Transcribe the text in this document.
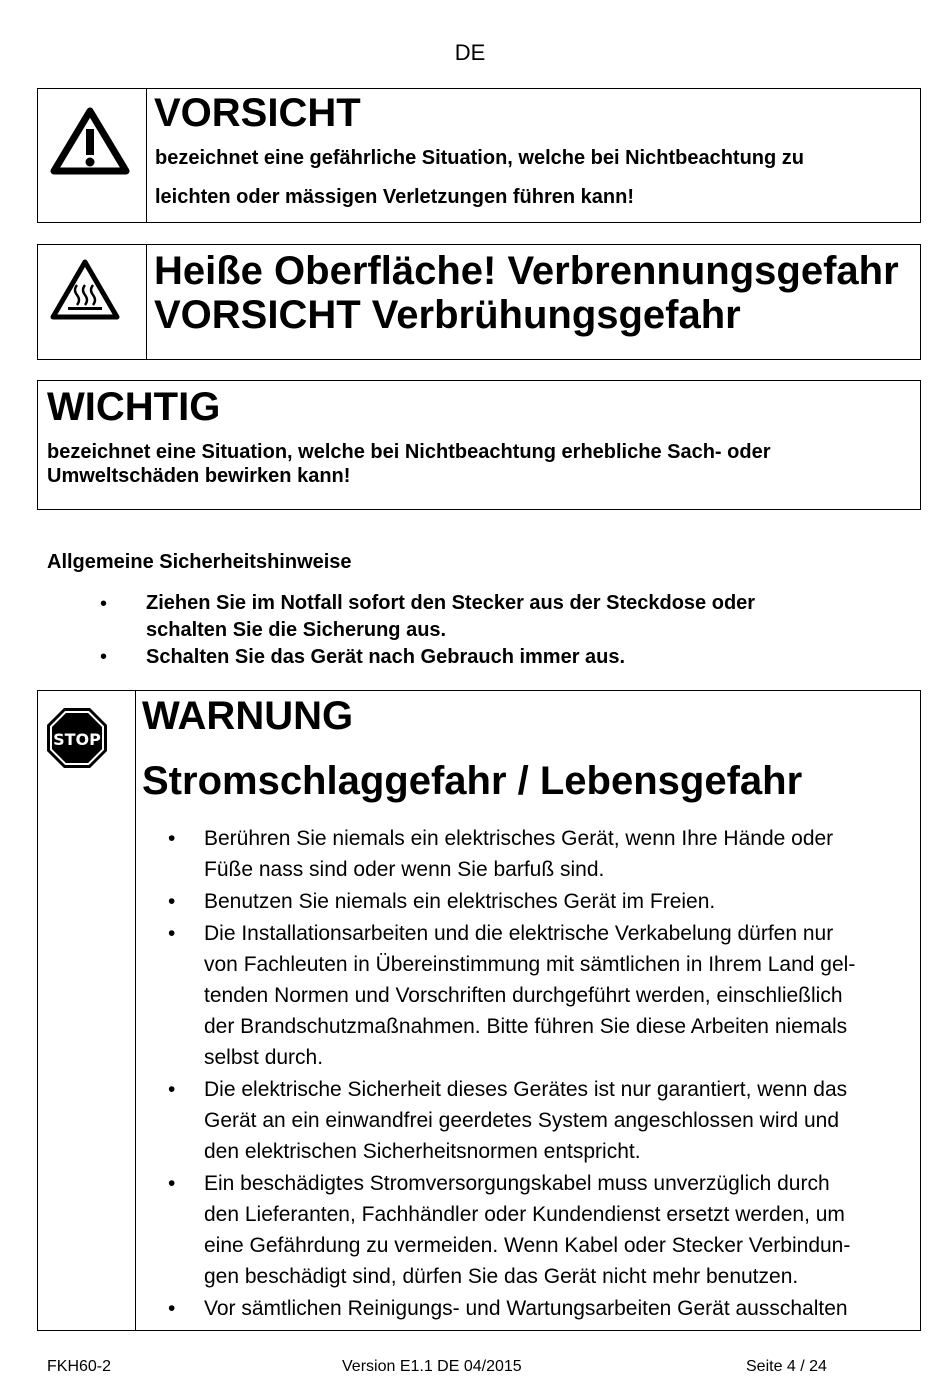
DE
VORSICHT
bezeichnet eine gefährliche Situation, welche bei Nichtbeachtung zu
leichten oder mässigen Verletzungen führen kann!
Heiße Oberfläche! Verbrennungsgefahr
VORSICHT Verbrühungsgefahr
WICHTIG
bezeichnet eine Situation, welche bei Nichtbeachtung erhebliche Sach- oder
Umweltschäden bewirken kann!
Allgemeine Sicherheitshinweise
• Ziehen Sie im Notfall sofort den Stecker aus der Steckdose oder
schalten Sie die Sicherung aus.
• Schalten Sie das Gerät nach Gebrauch immer aus.
STOP
WARNUNG
Stromschlaggefahr / Lebensgefahr
• Berühren Sie niemals ein elektrisches Gerät, wenn Ihre Hände oder
Füße nass sind oder wenn Sie barfuß sind.
• Benutzen Sie niemals ein elektrisches Gerät im Freien.
• Die Installationsarbeiten und die elektrische Verkabelung dürfen nur
von Fachleuten in Übereinstimmung mit sämtlichen in Ihrem Land gel-
tenden Normen und Vorschriften durchgeführt werden, einschließlich
der Brandschutzmaßnahmen. Bitte führen Sie diese Arbeiten niemals
selbst durch.
• Die elektrische Sicherheit dieses Gerätes ist nur garantiert, wenn das
Gerät an ein einwandfrei geerdetes System angeschlossen wird und
den elektrischen Sicherheitsnormen entspricht.
• Ein beschädigtes Stromversorgungskabel muss unverzüglich durch
den Lieferanten, Fachhändler oder Kundendienst ersetzt werden, um
eine Gefährdung zu vermeiden. Wenn Kabel oder Stecker Verbindun-
gen beschädigt sind, dürfen Sie das Gerät nicht mehr benutzen.
• Vor sämtlichen Reinigungs- und Wartungsarbeiten Gerät ausschalten
FKH60-2	Version E1.1 DE 04/2015	Seite 4 / 24
